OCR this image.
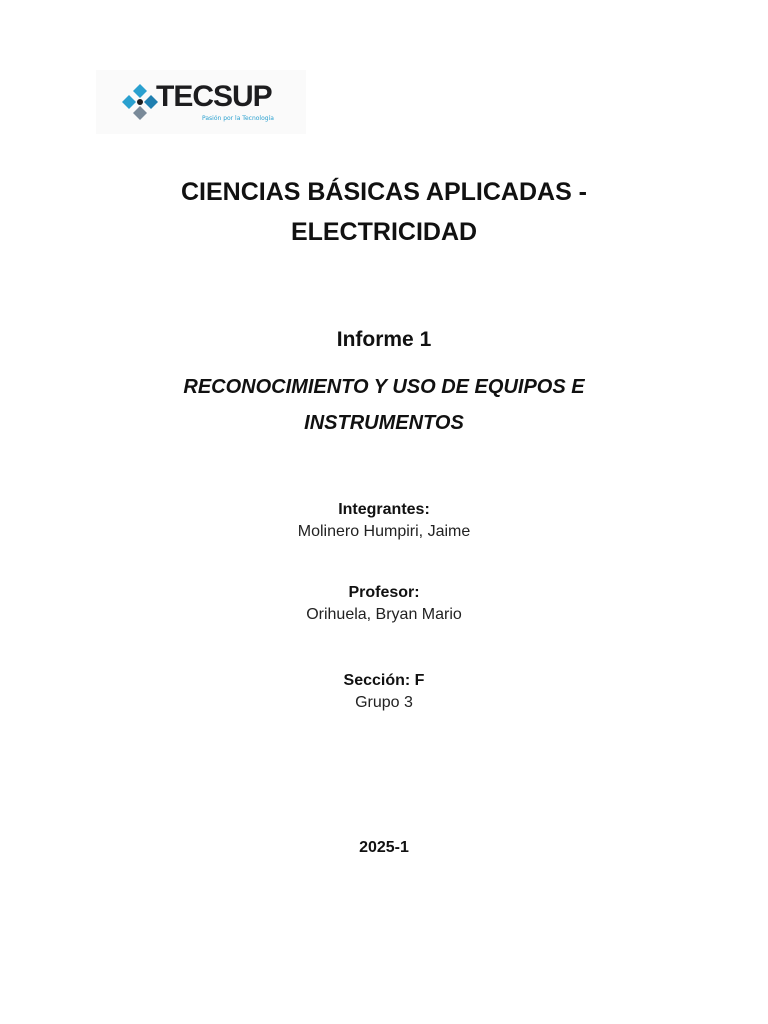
TECSUP
Pasión por la Tecnología
CIENCIAS BÁSICAS APLICADAS -
ELECTRICIDAD
Informe 1
RECONOCIMIENTO Y USO DE EQUIPOS E
INSTRUMENTOS
Integrantes:
Molinero Humpiri, Jaime
Profesor:
Orihuela, Bryan Mario
Sección: F
Grupo 3
2025-1
